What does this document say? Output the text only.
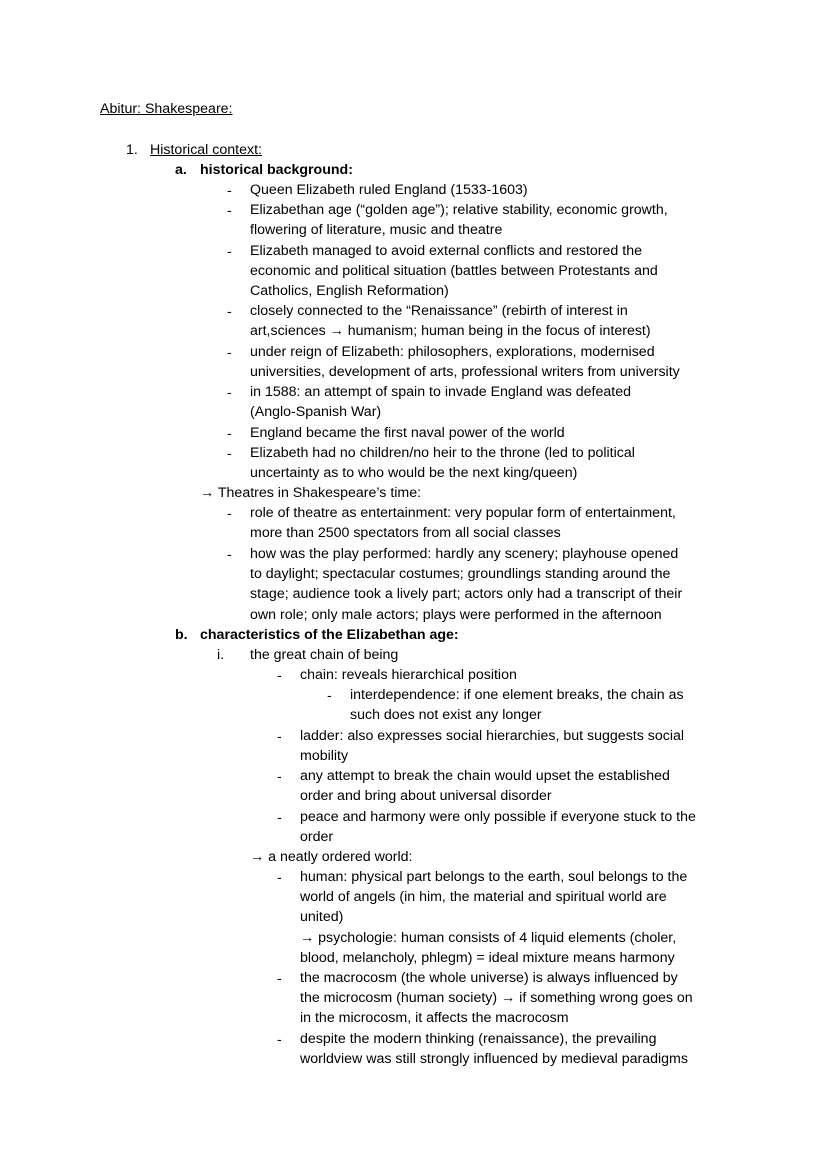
Abitur: Shakespeare:
1. Historical context:
a. historical background:
- Queen Elizabeth ruled England (1533-1603)
- Elizabethan age (“golden age”); relative stability, economic growth,
flowering of literature, music and theatre
- Elizabeth managed to avoid external conflicts and restored the
economic and political situation (battles between Protestants and
Catholics, English Reformation)
- closely connected to the “Renaissance” (rebirth of interest in
art,sciences → humanism; human being in the focus of interest)
- under reign of Elizabeth: philosophers, explorations, modernised
universities, development of arts, professional writers from university
- in 1588: an attempt of spain to invade England was defeated
(Anglo-Spanish War)
- England became the first naval power of the world
- Elizabeth had no children/no heir to the throne (led to political
uncertainty as to who would be the next king/queen)
→ Theatres in Shakespeare’s time:
- role of theatre as entertainment: very popular form of entertainment,
more than 2500 spectators from all social classes
- how was the play performed: hardly any scenery; playhouse opened
to daylight; spectacular costumes; groundlings standing around the
stage; audience took a lively part; actors only had a transcript of their
own role; only male actors; plays were performed in the afternoon
b. characteristics of the Elizabethan age:
i. the great chain of being
- chain: reveals hierarchical position
- ladder: also expresses social hierarchies, but suggests social
mobility
- any attempt to break the chain would upset the established
order and bring about universal disorder
- peace and harmony were only possible if everyone stuck to the
order
- interdependence: if one element breaks, the chain as
such does not exist any longer
→ a neatly ordered world:
- human: physical part belongs to the earth, soul belongs to the
world of angels (in him, the material and spiritual world are
united)
→ psychologie: human consists of 4 liquid elements (choler,
blood, melancholy, phlegm) = ideal mixture means harmony
- the macrocosm (the whole universe) is always influenced by
the microcosm (human society) → if something wrong goes on
in the microcosm, it affects the macrocosm
- despite the modern thinking (renaissance), the prevailing
worldview was still strongly influenced by medieval paradigms
